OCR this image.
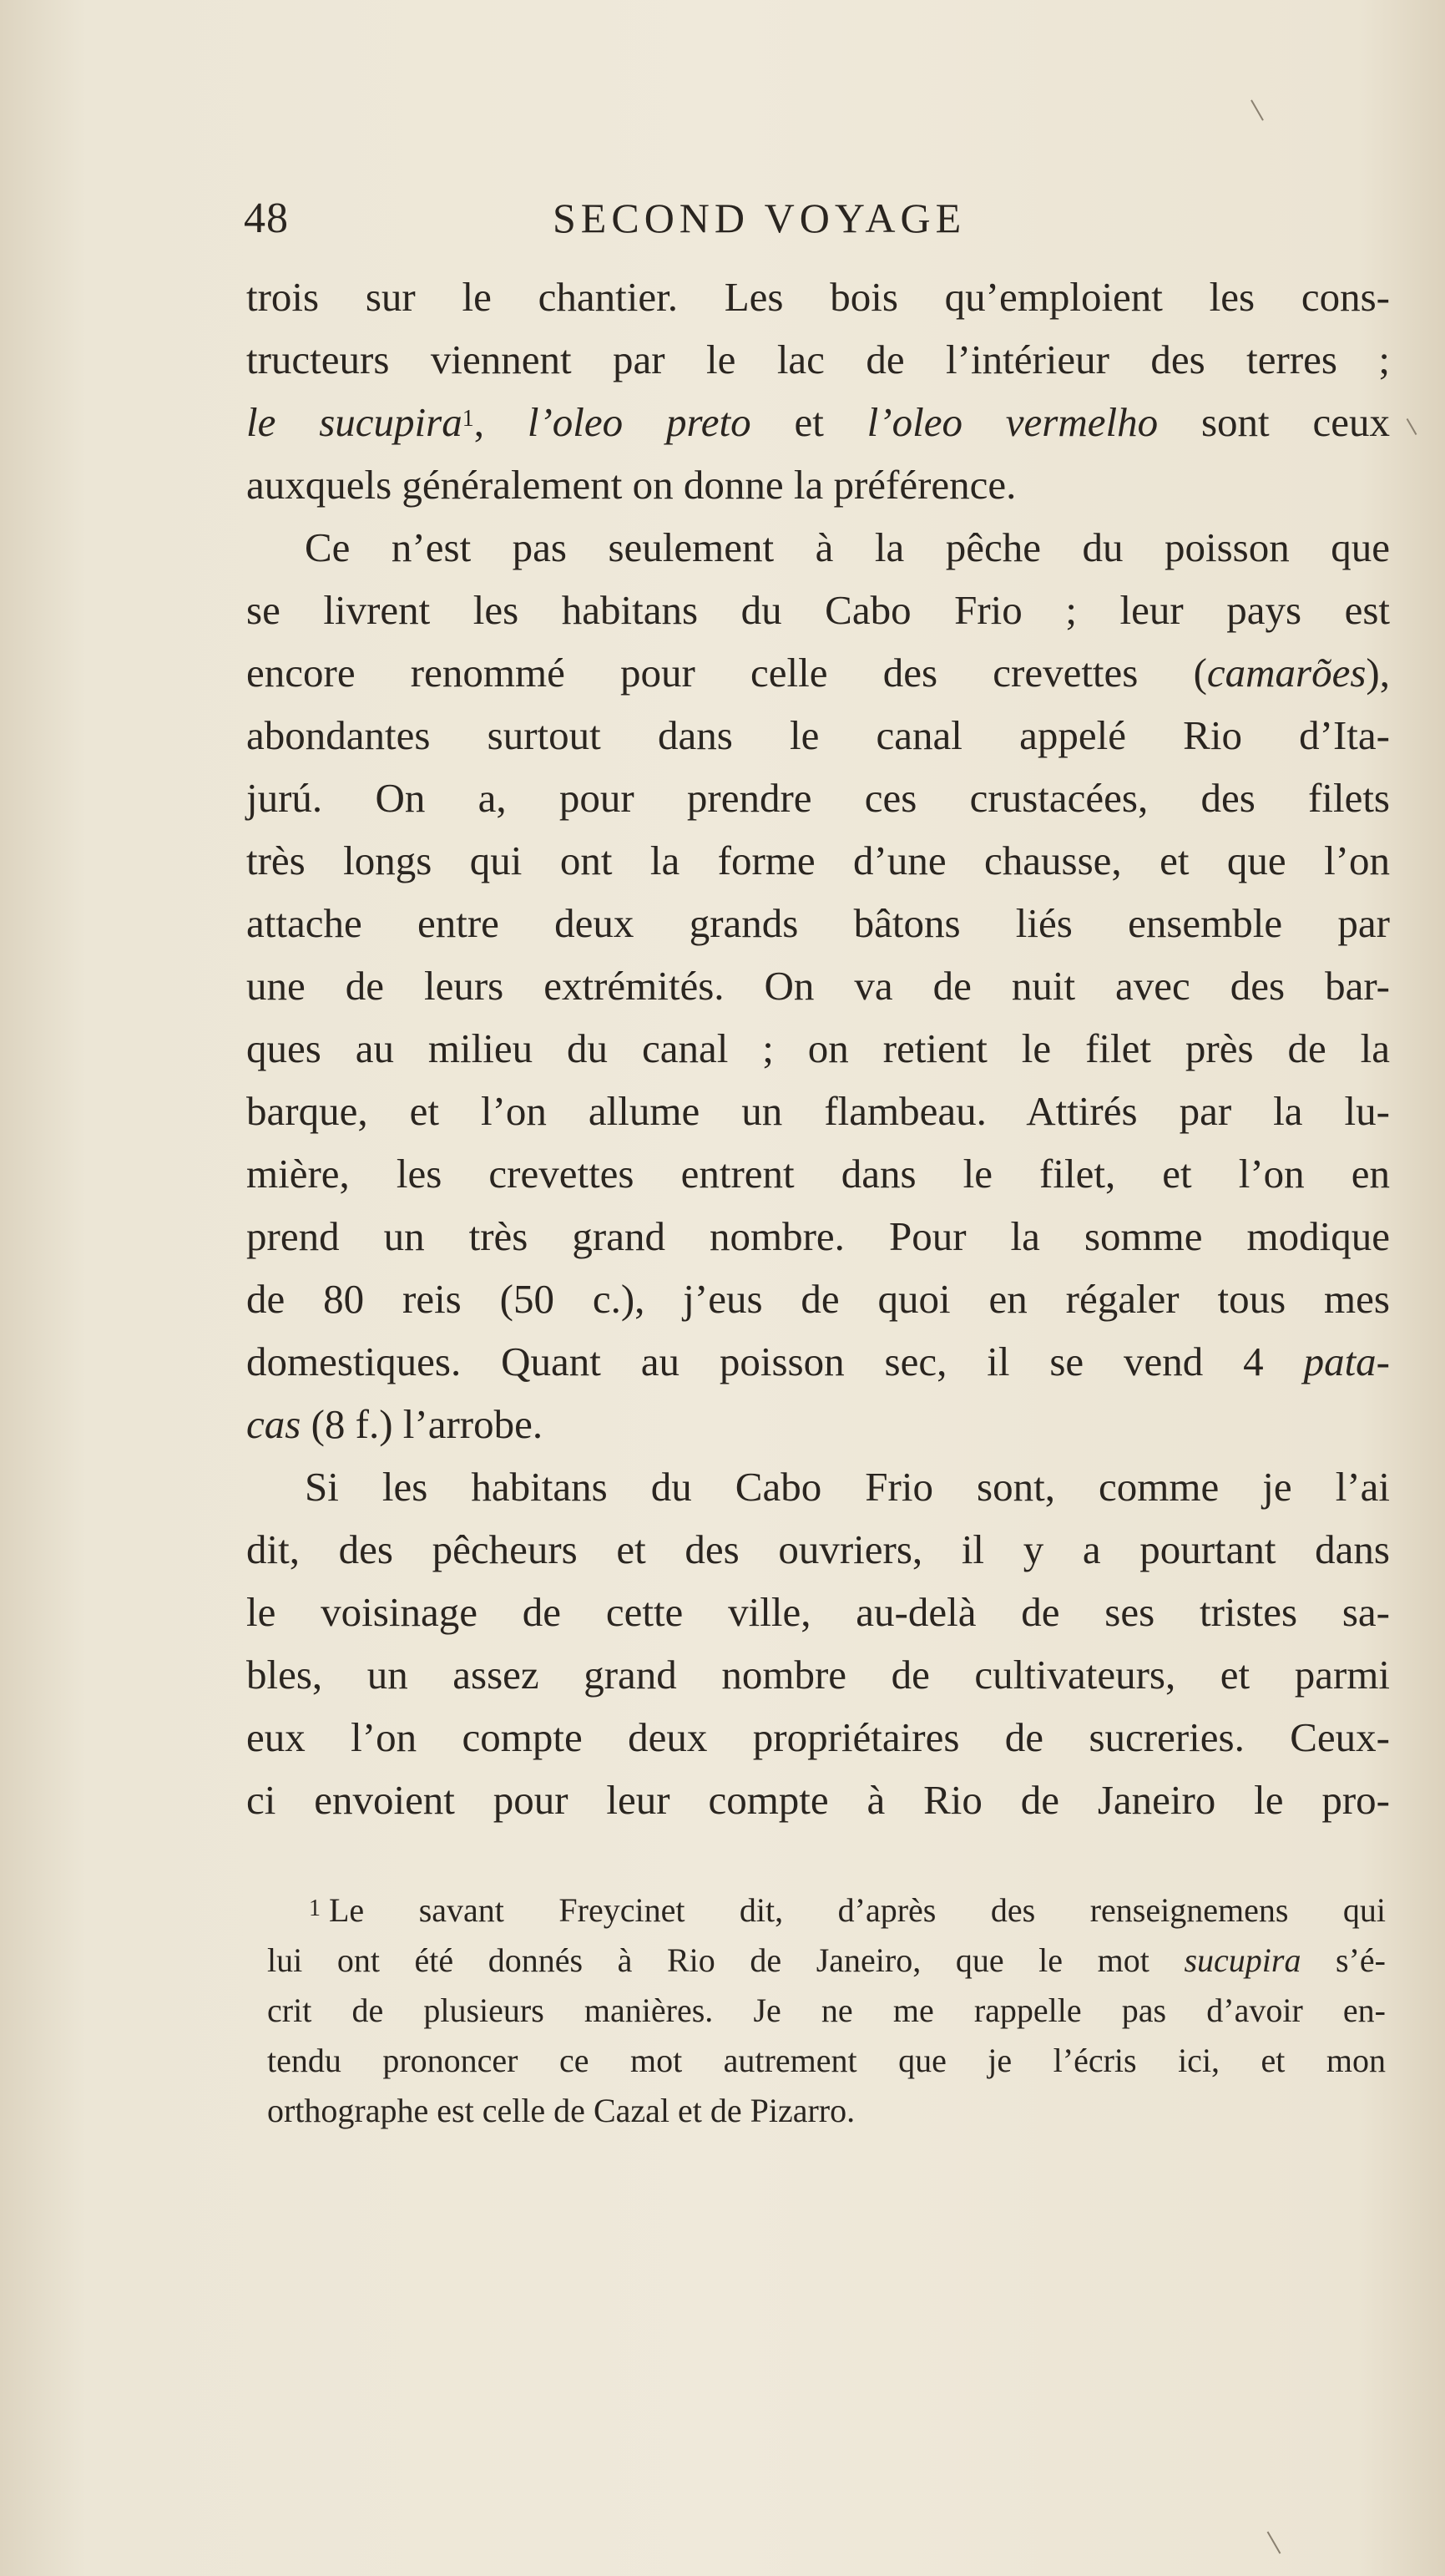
48	SECOND VOYAGE
trois sur le chantier. Les bois qu’emploient les cons-
tructeurs viennent par le lac de l’intérieur des terres ;
le sucupira$^1$, l’oleo preto et l’oleo vermelho sont ceux
auxquels généralement on donne la préférence.
Ce n’est pas seulement à la pêche du poisson que
se livrent les habitans du Cabo Frio ; leur pays est
encore renommé pour celle des crevettes (camarões),
abondantes surtout dans le canal appelé Rio d’Ita-
jurú. On a, pour prendre ces crustacées, des filets
très longs qui ont la forme d’une chausse, et que l’on
attache entre deux grands bâtons liés ensemble par
une de leurs extrémités. On va de nuit avec des bar-
ques au milieu du canal ; on retient le filet près de la
barque, et l’on allume un flambeau. Attirés par la lu-
mière, les crevettes entrent dans le filet, et l’on en
prend un très grand nombre. Pour la somme modique
de 80 reis (50 c.), j’eus de quoi en régaler tous mes
domestiques. Quant au poisson sec, il se vend 4 pata-
cas (8 f.) l’arrobe.
Si les habitans du Cabo Frio sont, comme je l’ai
dit, des pêcheurs et des ouvriers, il y a pourtant dans
le voisinage de cette ville, au-delà de ses tristes sa-
bles, un assez grand nombre de cultivateurs, et parmi
eux l’on compte deux propriétaires de sucreries. Ceux-
ci envoient pour leur compte à Rio de Janeiro le pro-
$^1$ Le savant Freycinet dit, d’après des renseignemens qui
lui ont été donnés à Rio de Janeiro, que le mot sucupira s’é-
crit de plusieurs manières. Je ne me rappelle pas d’avoir en-
tendu prononcer ce mot autrement que je l’écris ici, et mon
orthographe est celle de Cazal et de Pizarro.
